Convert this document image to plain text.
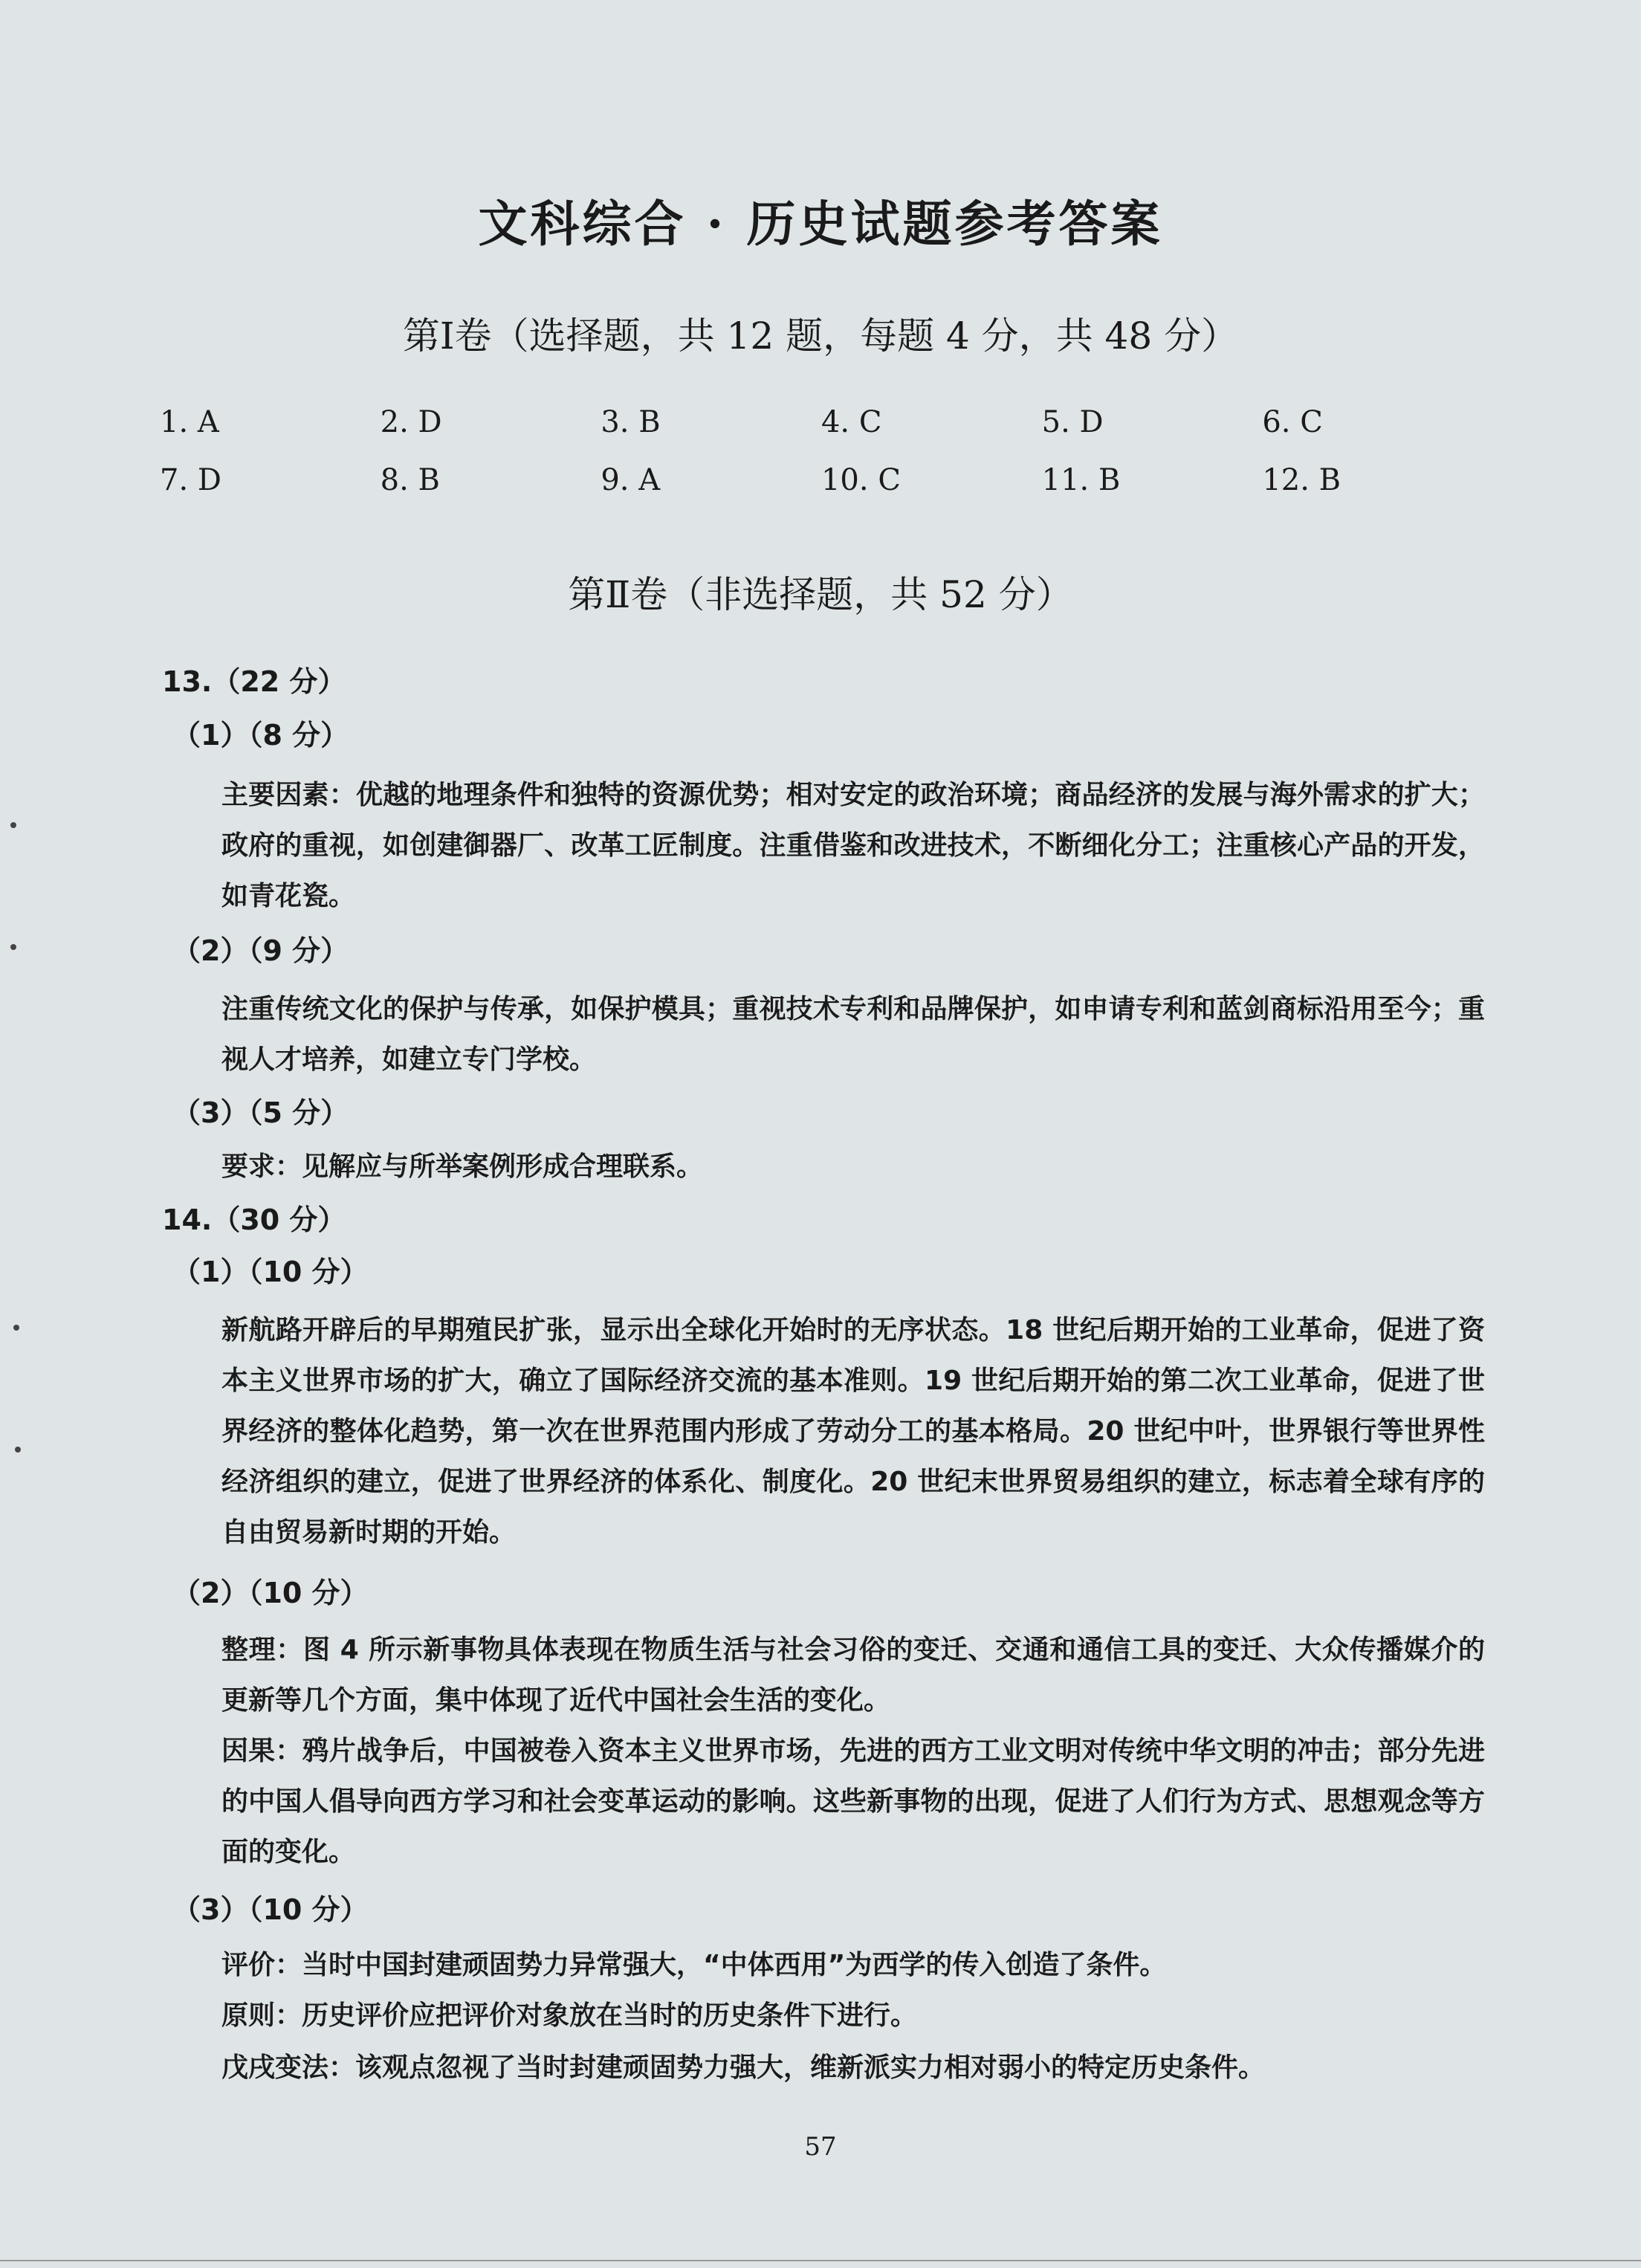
文科综合 · 历史试题参考答案
第Ⅰ卷（选择题，共 12 题，每题 4 分，共 48 分）
1. A	2. D	3. B	4. C	5. D	6. C
7. D	8. B	9. A	10. C	11. B	12. B
第Ⅱ卷（非选择题，共 52 分）
13.（22 分）
（1）（8 分）
主要因素：优越的地理条件和独特的资源优势；相对安定的政治环境；商品经济的发展与海外需求的扩大；政府的重视，如创建御器厂、改革工匠制度。注重借鉴和改进技术，不断细化分工；注重核心产品的开发，如青花瓷。
（2）（9 分）
注重传统文化的保护与传承，如保护模具；重视技术专利和品牌保护，如申请专利和蓝剑商标沿用至今；重视人才培养，如建立专门学校。
（3）（5 分）
要求：见解应与所举案例形成合理联系。
14.（30 分）
（1）（10 分）
新航路开辟后的早期殖民扩张，显示出全球化开始时的无序状态。18 世纪后期开始的工业革命，促进了资本主义世界市场的扩大，确立了国际经济交流的基本准则。19 世纪后期开始的第二次工业革命，促进了世界经济的整体化趋势，第一次在世界范围内形成了劳动分工的基本格局。20 世纪中叶，世界银行等世界性经济组织的建立，促进了世界经济的体系化、制度化。20 世纪末世界贸易组织的建立，标志着全球有序的自由贸易新时期的开始。
（2）（10 分）
整理：图 4 所示新事物具体表现在物质生活与社会习俗的变迁、交通和通信工具的变迁、大众传播媒介的更新等几个方面，集中体现了近代中国社会生活的变化。
因果：鸦片战争后，中国被卷入资本主义世界市场，先进的西方工业文明对传统中华文明的冲击；部分先进的中国人倡导向西方学习和社会变革运动的影响。这些新事物的出现，促进了人们行为方式、思想观念等方面的变化。
（3）（10 分）
评价：当时中国封建顽固势力异常强大，“中体西用”为西学的传入创造了条件。
原则：历史评价应把评价对象放在当时的历史条件下进行。
戊戌变法：该观点忽视了当时封建顽固势力强大，维新派实力相对弱小的特定历史条件。
57
